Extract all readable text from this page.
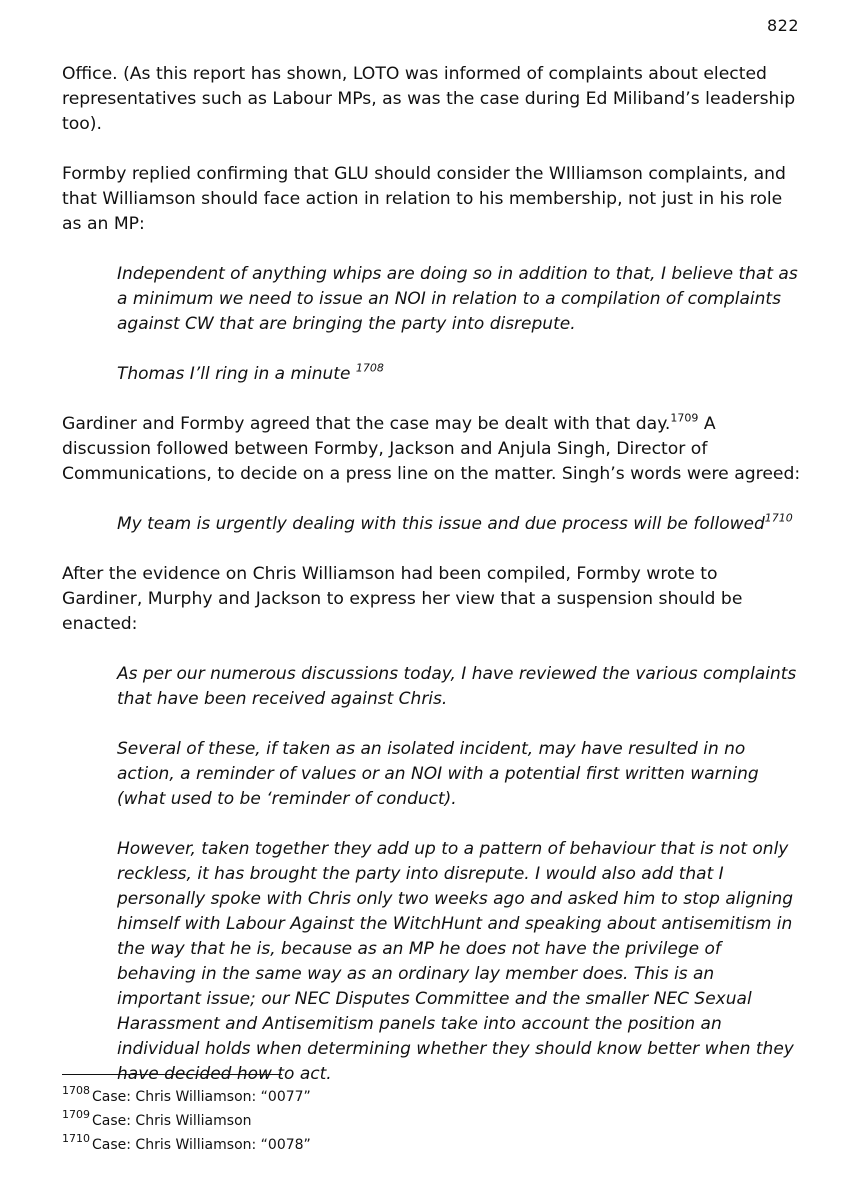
822

Office. (As this report has shown, LOTO was informed of complaints about elected representatives such as Labour MPs, as was the case during Ed Miliband’s leadership too).

Formby replied confirming that GLU should consider the WIlliamson complaints, and that Williamson should face action in relation to his membership, not just in his role as an MP:

Independent of anything whips are doing so in addition to that, I believe that as a minimum we need to issue an NOI in relation to a compilation of complaints against CW that are bringing the party into disrepute.

Thomas I’ll ring in a minute $^{1708}$

Gardiner and Formby agreed that the case may be dealt with that day.$^{1709}$ A discussion followed between Formby, Jackson and Anjula Singh, Director of Communications, to decide on a press line on the matter. Singh’s words were agreed:

My team is urgently dealing with this issue and due process will be followed$^{1710}$

After the evidence on Chris Williamson had been compiled, Formby wrote to Gardiner, Murphy and Jackson to express her view that a suspension should be enacted:

As per our numerous discussions today, I have reviewed the various complaints that have been received against Chris.

Several of these, if taken as an isolated incident, may have resulted in no action, a reminder of values or an NOI with a potential first written warning (what used to be ‘reminder of conduct).

However, taken together they add up to a pattern of behaviour that is not only reckless, it has brought the party into disrepute. I would also add that I personally spoke with Chris only two weeks ago and asked him to stop aligning himself with Labour Against the WitchHunt and speaking about antisemitism in the way that he is, because as an MP he does not have the privilege of behaving in the same way as an ordinary lay member does. This is an important issue; our NEC Disputes Committee and the smaller NEC Sexual Harassment and Antisemitism panels take into account the position an individual holds when determining whether they should know better when they have decided how to act.

$^{1708}$ Case: Chris Williamson: “0077”

$^{1709}$ Case: Chris Williamson

$^{1710}$ Case: Chris Williamson: “0078”
